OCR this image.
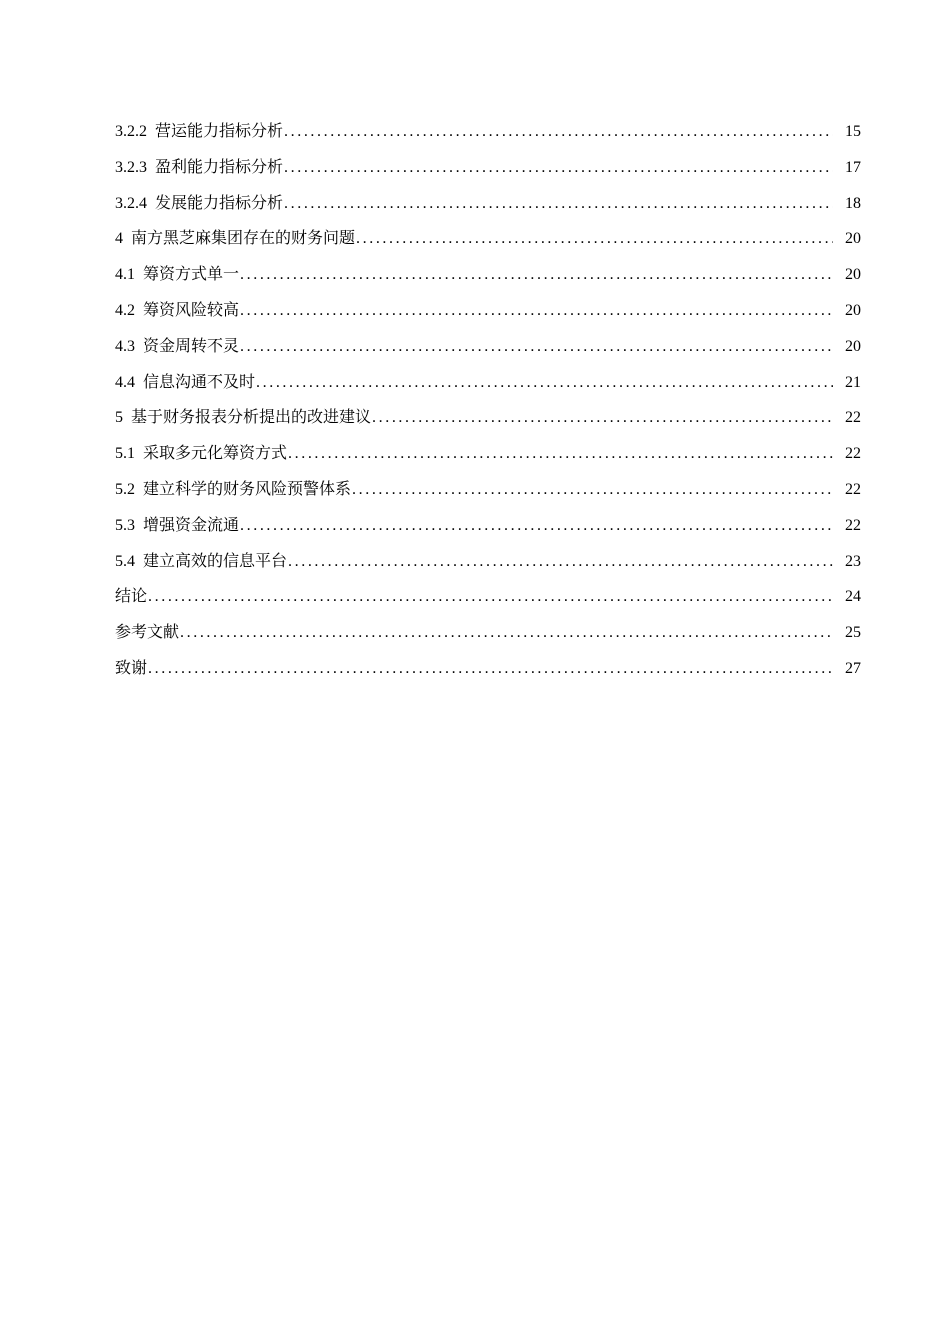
3.2.2 营运能力指标分析 .....	15
3.2.3 盈利能力指标分析 .....	17
3.2.4 发展能力指标分析 .....	18
4 南方黑芝麻集团存在的财务问题 .....	20
4.1 筹资方式单一 .....	20
4.2 筹资风险较高 .....	20
4.3 资金周转不灵 .....	20
4.4 信息沟通不及时 .....	21
5 基于财务报表分析提出的改进建议 .....	22
5.1 采取多元化筹资方式 .....	22
5.2 建立科学的财务风险预警体系 .....	22
5.3 增强资金流通 .....	22
5.4 建立高效的信息平台 .....	23
结论 .....	24
参考文献 .....	25
致谢 .....	27
